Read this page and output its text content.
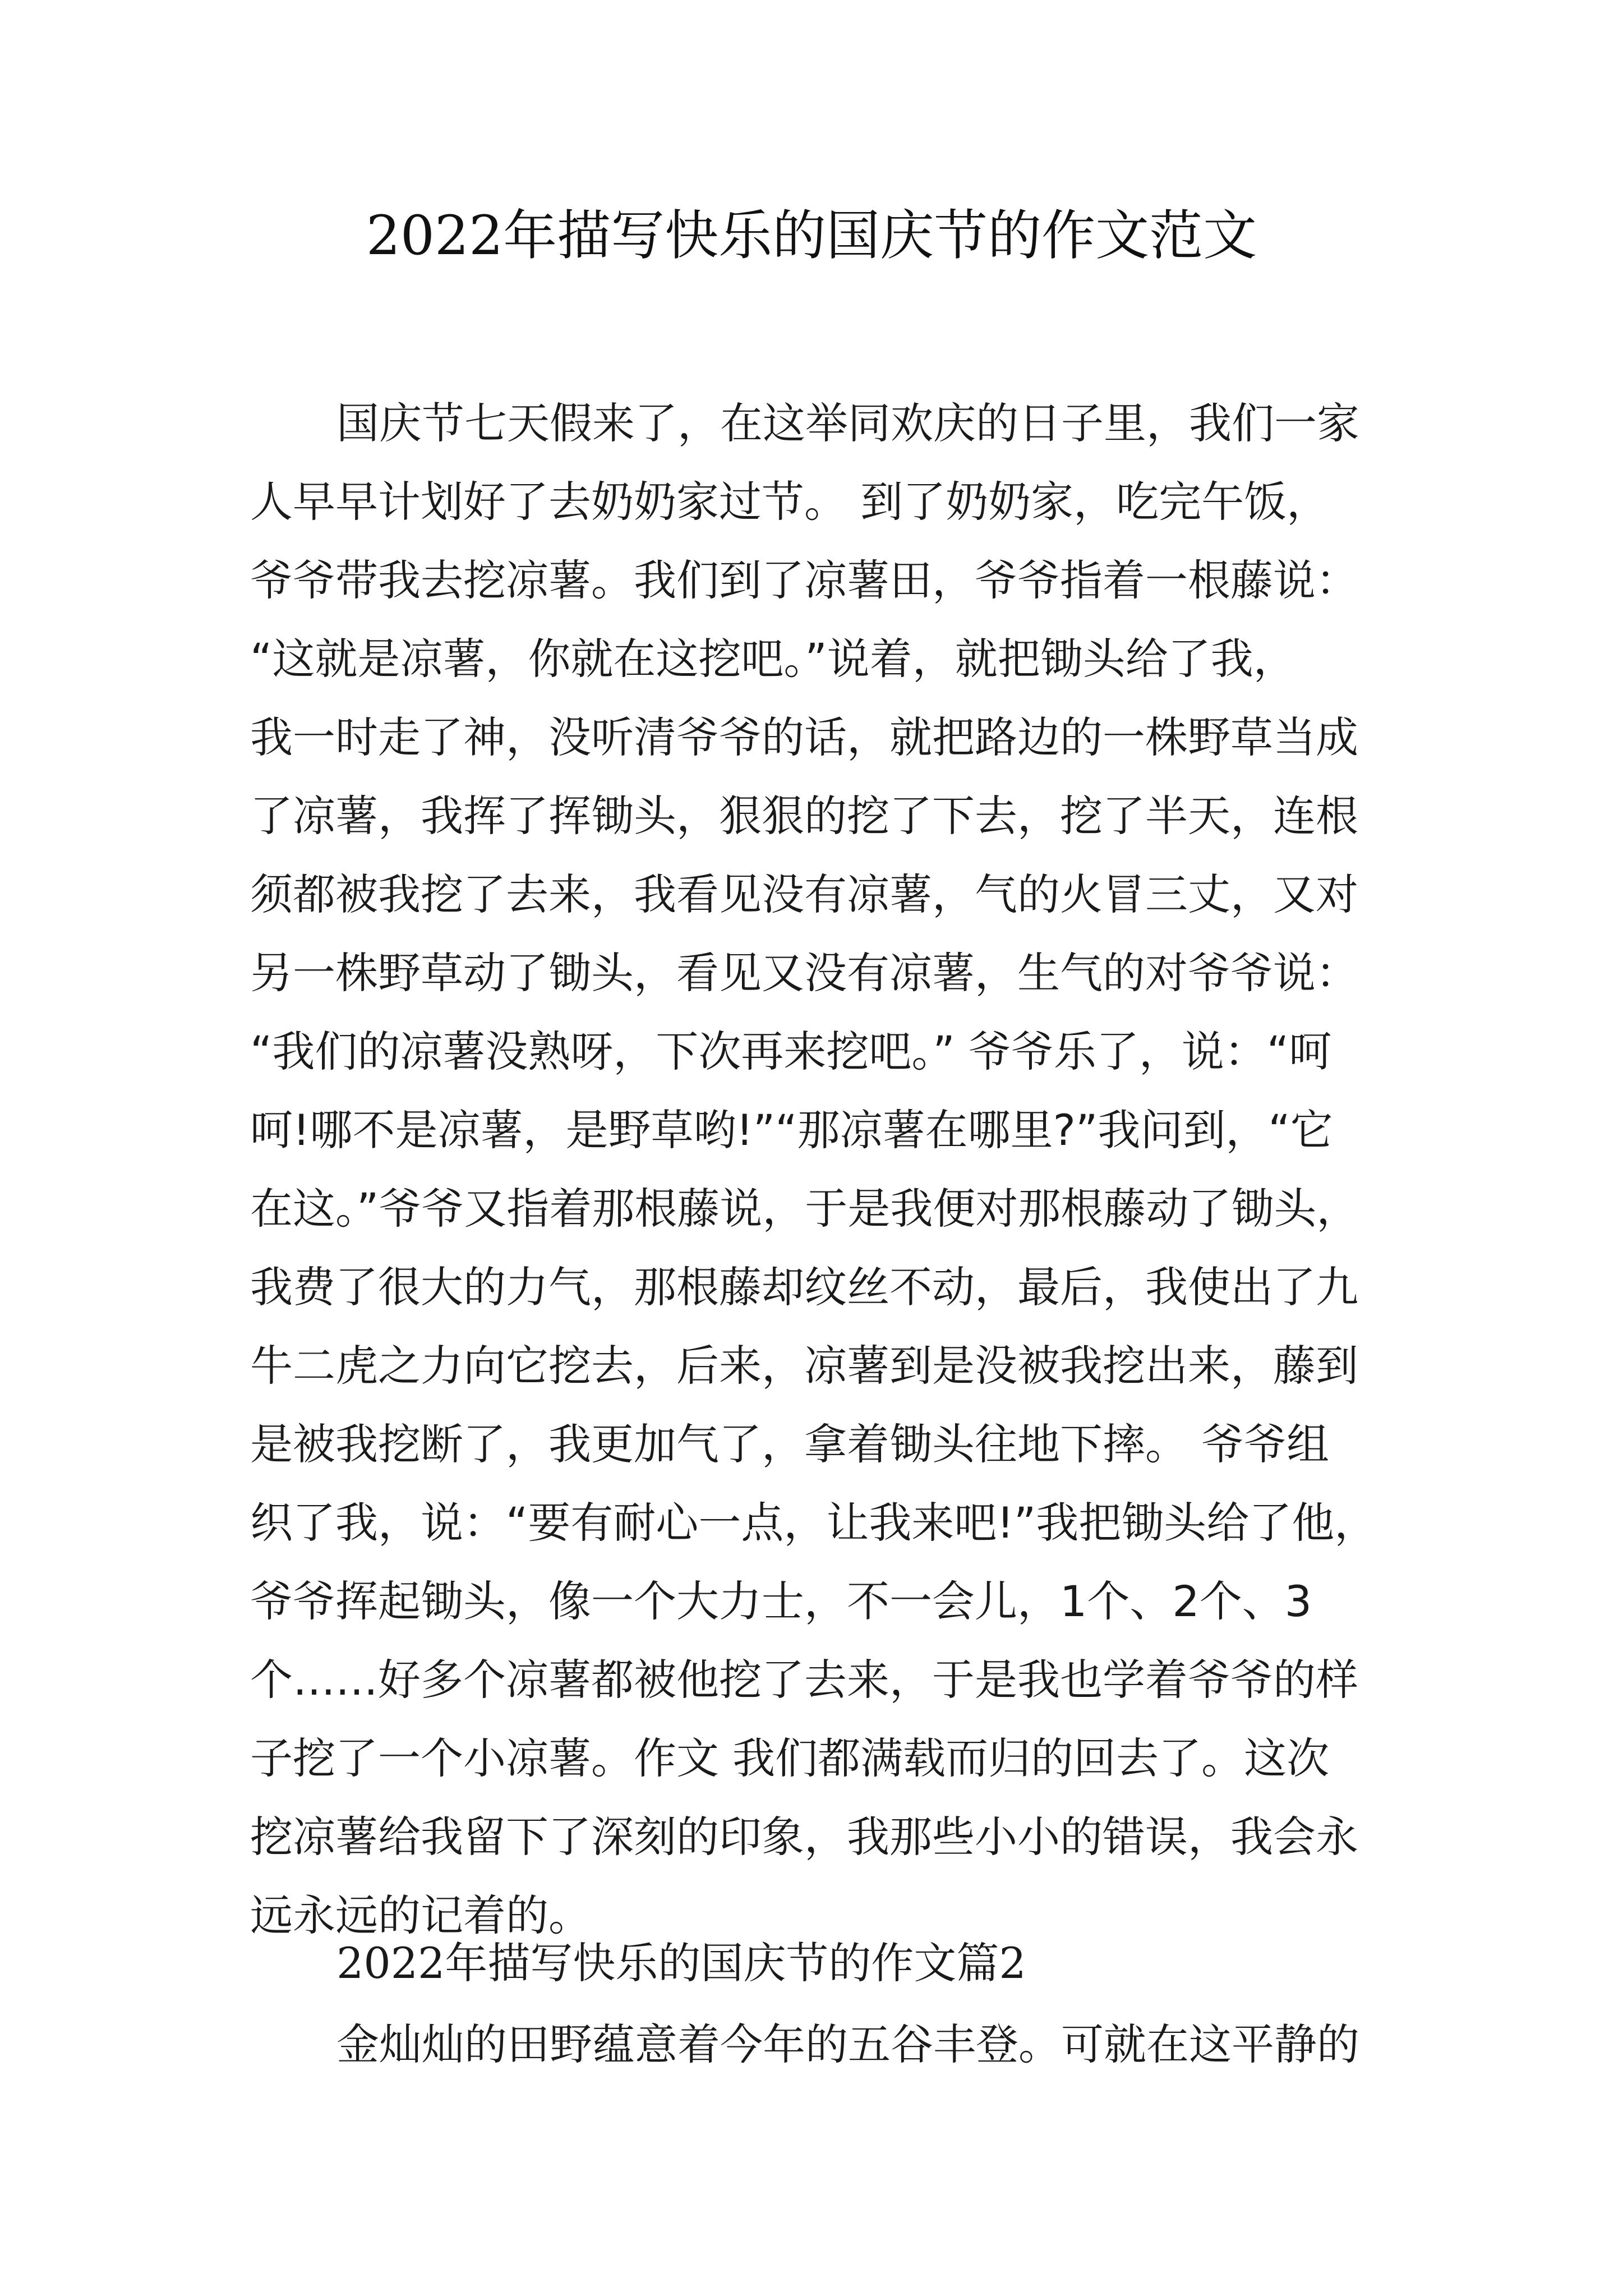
2022年描写快乐的国庆节的作文范文
国庆节七天假来了，在这举同欢庆的日子里，我们一家
人早早计划好了去奶奶家过节。 到了奶奶家，吃完午饭，
爷爷带我去挖凉薯。我们到了凉薯田，爷爷指着一根藤说：
“这就是凉薯，你就在这挖吧。”说着，就把锄头给了我，
我一时走了神，没听清爷爷的话，就把路边的一株野草当成
了凉薯，我挥了挥锄头，狠狠的挖了下去，挖了半天，连根
须都被我挖了去来，我看见没有凉薯，气的火冒三丈，又对
另一株野草动了锄头，看见又没有凉薯，生气的对爷爷说：
“我们的凉薯没熟呀，下次再来挖吧。” 爷爷乐了，说：“呵
呵!哪不是凉薯，是野草哟!”“那凉薯在哪里?”我问到，“它
在这。”爷爷又指着那根藤说，于是我便对那根藤动了锄头，
我费了很大的力气，那根藤却纹丝不动，最后，我使出了九
牛二虎之力向它挖去，后来，凉薯到是没被我挖出来，藤到
是被我挖断了，我更加气了，拿着锄头往地下摔。 爷爷组
织了我，说：“要有耐心一点，让我来吧!”我把锄头给了他，
爷爷挥起锄头，像一个大力士，不一会儿，1个、2个、3
个……好多个凉薯都被他挖了去来，于是我也学着爷爷的样
子挖了一个小凉薯。作文 我们都满载而归的回去了。这次
挖凉薯给我留下了深刻的印象，我那些小小的错误，我会永
远永远的记着的。
2022年描写快乐的国庆节的作文篇2
金灿灿的田野蕴意着今年的五谷丰登。可就在这平静的
